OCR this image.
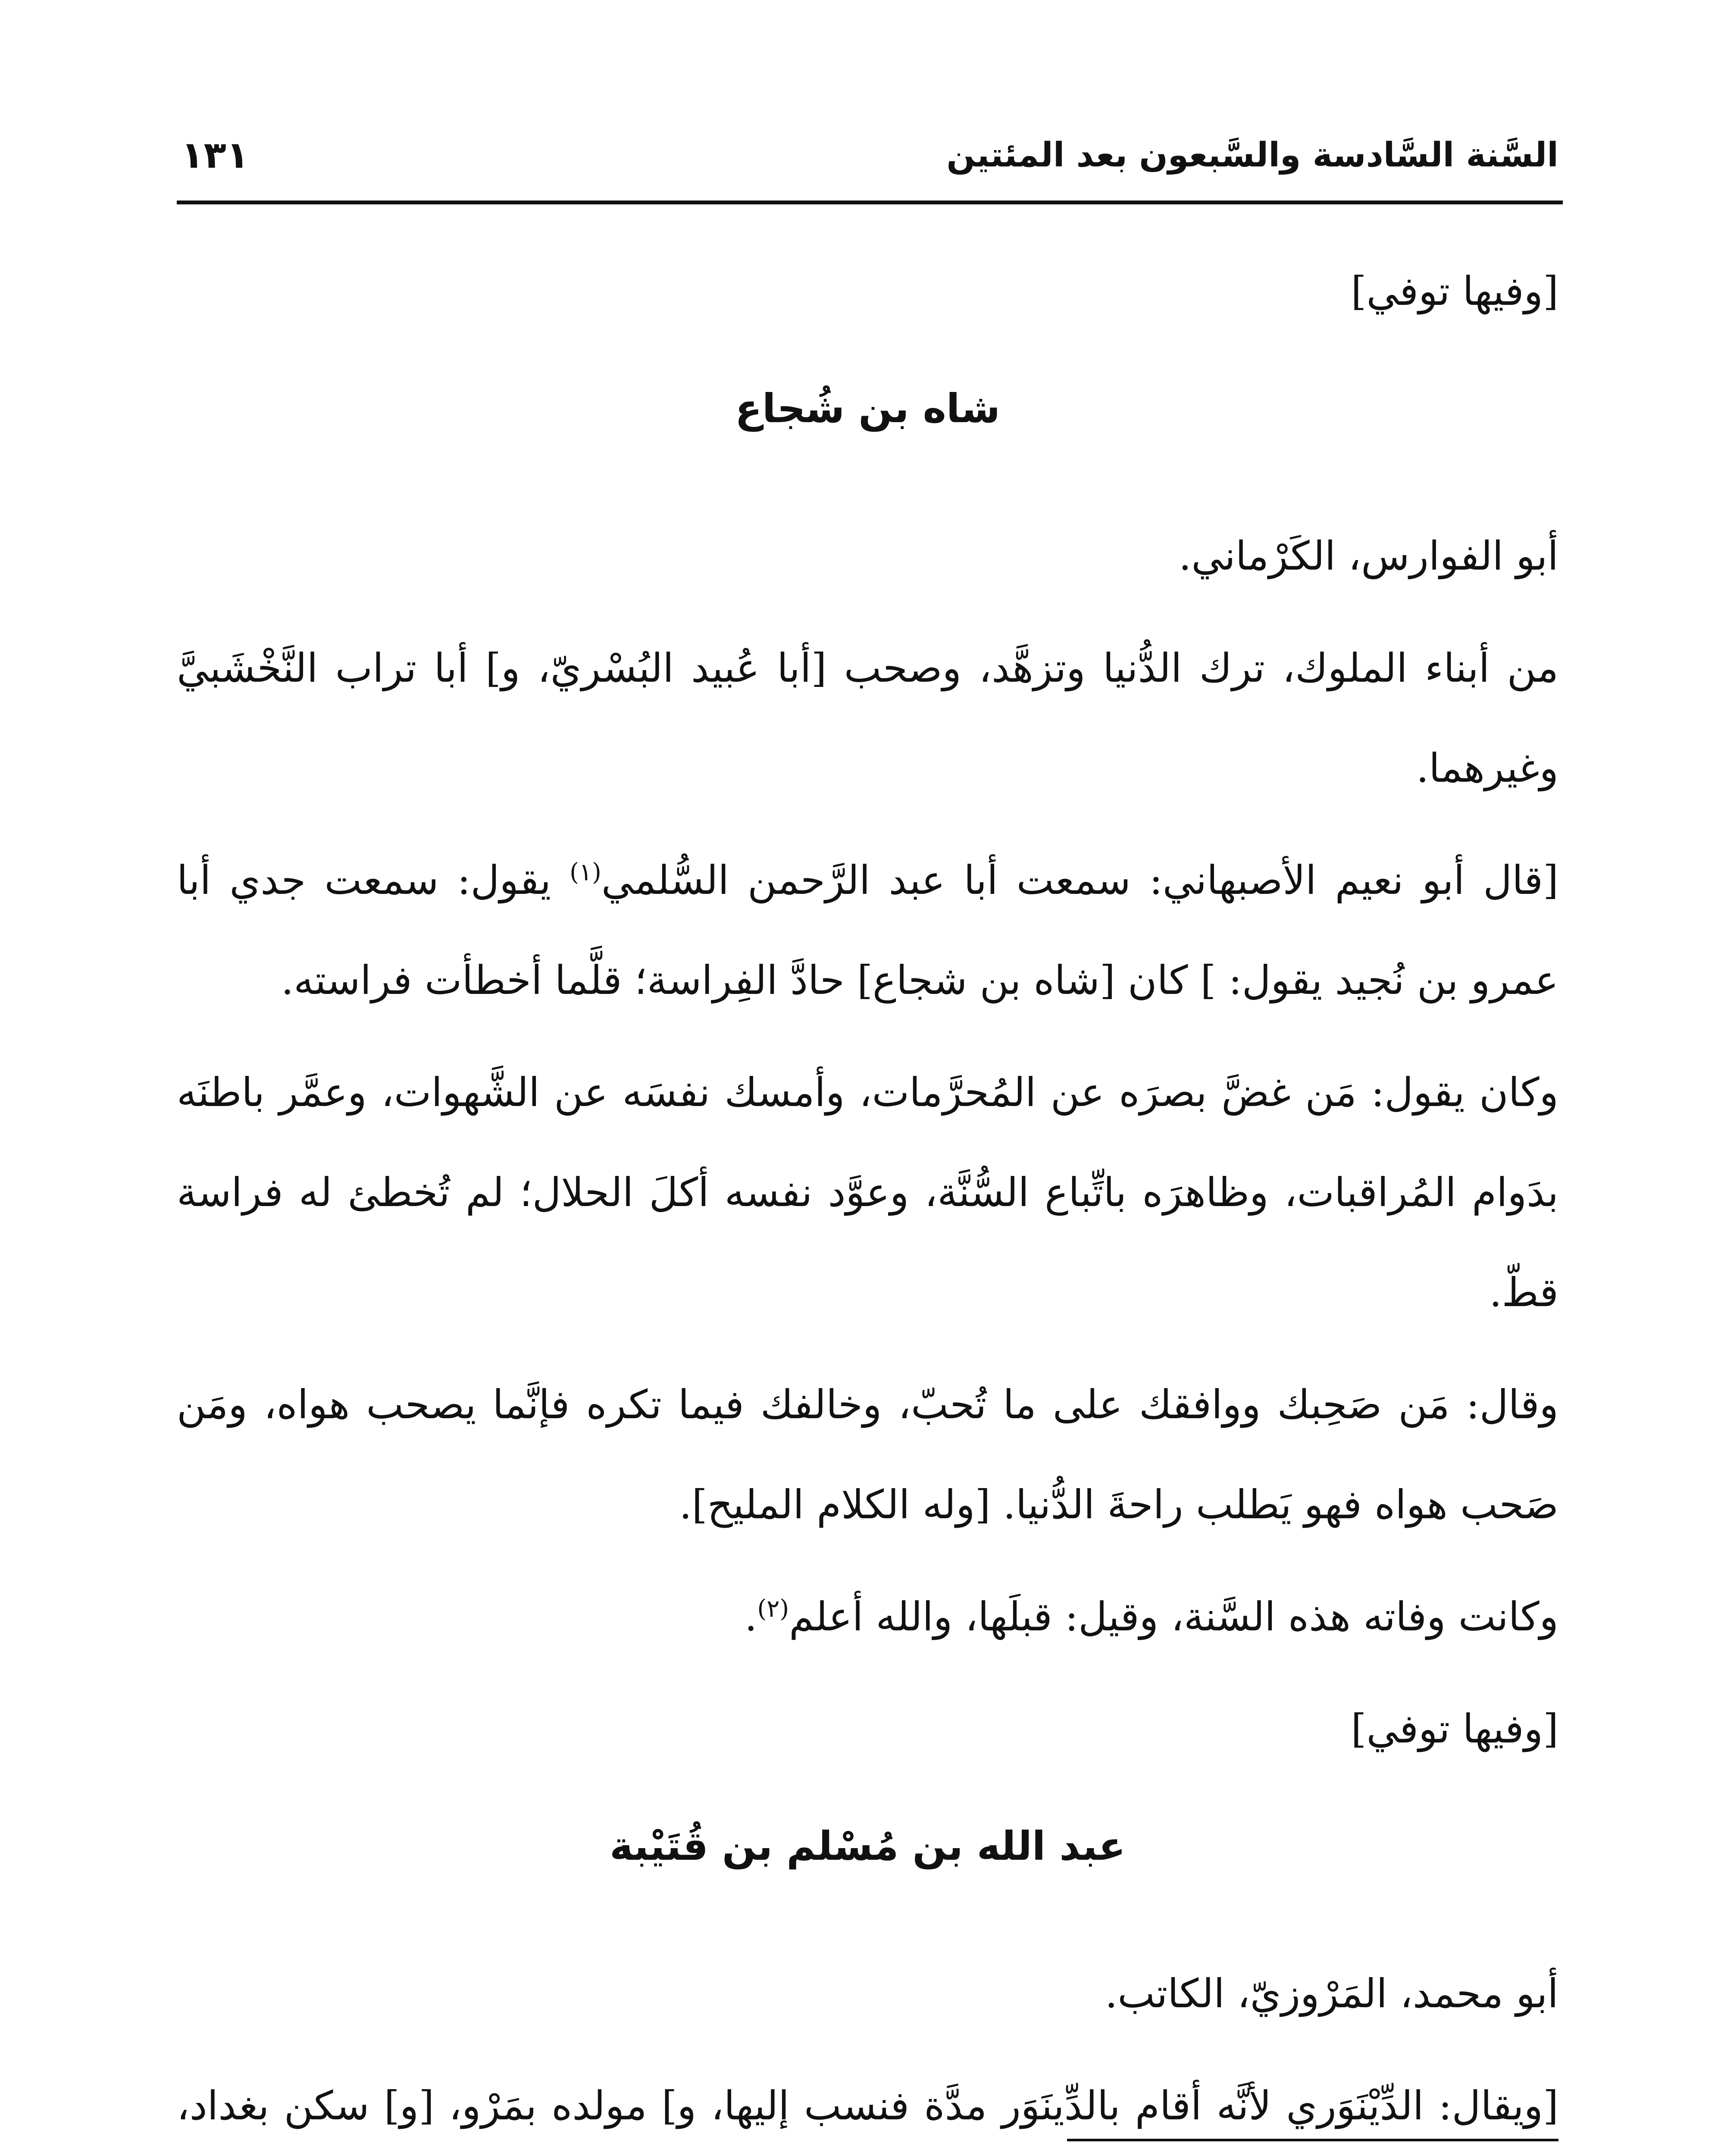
السَّنة السَّادسة والسَّبعون بعد المئتين
١٣١

[وفيها توفي]

شاه بن شُجاع

أبو الفوارس، الكَرْماني.

من أبناء الملوك، ترك الدُّنيا وتزهَّد، وصحب [أبا عُبيد البُسْريّ، و] أبا تراب النَّخْشَبيَّ وغيرهما.

[قال أبو نعيم الأصبهاني: سمعت أبا عبد الرَّحمن السُّلمي$^{(١)}$ يقول: سمعت جدي أبا عمرو بن نُجيد يقول: ] كان [شاه بن شجاع] حادَّ الفِراسة؛ قلَّما أخطأت فراسته.

وكان يقول: مَن غضَّ بصرَه عن المُحرَّمات، وأمسك نفسَه عن الشَّهوات، وعمَّر باطنَه بدَوام المُراقبات، وظاهرَه باتِّباع السُّنَّة، وعوَّد نفسه أكلَ الحلال؛ لم تُخطئ له فراسة قطّ.

وقال: مَن صَحِبك ووافقك على ما تُحبّ، وخالفك فيما تكره فإنَّما يصحب هواه، ومَن صَحب هواه فهو يَطلب راحةَ الدُّنيا. [وله الكلام المليح].

وكانت وفاته هذه السَّنة، وقيل: قبلَها، والله أعلم$^{(٢)}$.

[وفيها توفي]

عبد الله بن مُسْلم بن قُتَيْبة

أبو محمد، المَرْوزيّ، الكاتب.

[ويقال: الدِّيْنَوَري لأنَّه أقام بالدِّينَوَر مدَّة فنسب إليها، و] مولده بمَرْو، [و] سكن بغداد،
